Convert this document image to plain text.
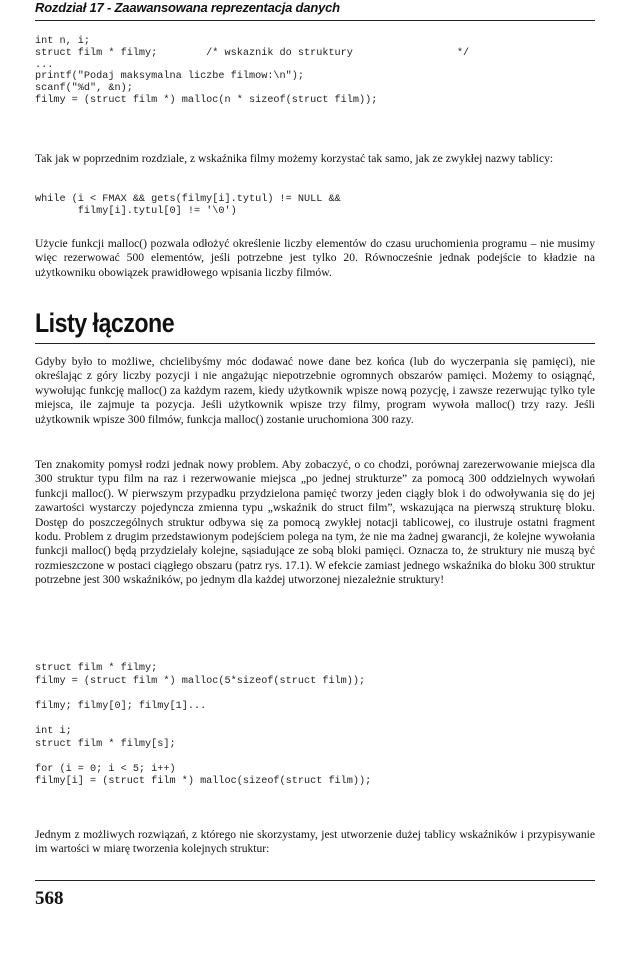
Rozdział 17 - Zaawansowana reprezentacja danych
int n, i;
struct film * filmy;        /* wskaznik do struktury                 */
...
printf("Podaj maksymalna liczbe filmow:\n");
scanf("%d", &n);
filmy = (struct film *) malloc(n * sizeof(struct film));
Tak jak w poprzednim rozdziale, z wskaźnika filmy możemy korzystać tak samo, jak ze zwykłej nazwy tablicy:
while (i < FMAX && gets(filmy[i].tytul) != NULL &&
filmy[i].tytul[0] != '\0')
Użycie funkcji malloc() pozwala odłożyć określenie liczby elementów do czasu uruchomienia programu – nie musimy więc rezerwować 500 elementów, jeśli potrzebne jest tylko 20. Równocześnie jednak podejście to kładzie na użytkowniku obowiązek prawidłowego wpisania liczby filmów.
Listy łączone
Gdyby było to możliwe, chcielibyśmy móc dodawać nowe dane bez końca (lub do wyczerpania się pamięci), nie określając z góry liczby pozycji i nie angażując niepotrzebnie ogromnych obszarów pamięci. Możemy to osiągnąć, wywołując funkcję malloc() za każdym razem, kiedy użytkownik wpisze nową pozycję, i zawsze rezerwując tylko tyle miejsca, ile zajmuje ta pozycja. Jeśli użytkownik wpisze trzy filmy, program wywoła malloc() trzy razy. Jeśli użytkownik wpisze 300 filmów, funkcja malloc() zostanie uruchomiona 300 razy.
Ten znakomity pomysł rodzi jednak nowy problem. Aby zobaczyć, o co chodzi, porównaj zarezerwowanie miejsca dla 300 struktur typu film na raz i rezerwowanie miejsca „po jednej strukturze” za pomocą 300 oddzielnych wywołań funkcji malloc(). W pierwszym przypadku przydzielona pamięć tworzy jeden ciągły blok i do odwoływania się do jej zawartości wystarczy pojedyncza zmienna typu „wskaźnik do struct film”, wskazująca na pierwszą strukturę bloku. Dostęp do poszczególnych struktur odbywa się za pomocą zwykłej notacji tablicowej, co ilustruje ostatni fragment kodu. Problem z drugim przedstawionym podejściem polega na tym, że nie ma żadnej gwarancji, że kolejne wywołania funkcji malloc() będą przydzielały kolejne, sąsiadujące ze sobą bloki pamięci. Oznacza to, że struktury nie muszą być rozmieszczone w postaci ciągłego obszaru (patrz rys. 17.1). W efekcie zamiast jednego wskaźnika do bloku 300 struktur potrzebne jest 300 wskaźników, po jednym dla każdej utworzonej niezależnie struktury!
struct film * filmy;
filmy = (struct film *) malloc(5*sizeof(struct film));

filmy; filmy[0]; filmy[1]...

int i;
struct film * filmy[s];

for (i = 0; i < 5; i++)
filmy[i] = (struct film *) malloc(sizeof(struct film));
Jednym z możliwych rozwiązań, z którego nie skorzystamy, jest utworzenie dużej tablicy wskaźników i przypisywanie im wartości w miarę tworzenia kolejnych struktur:
568
